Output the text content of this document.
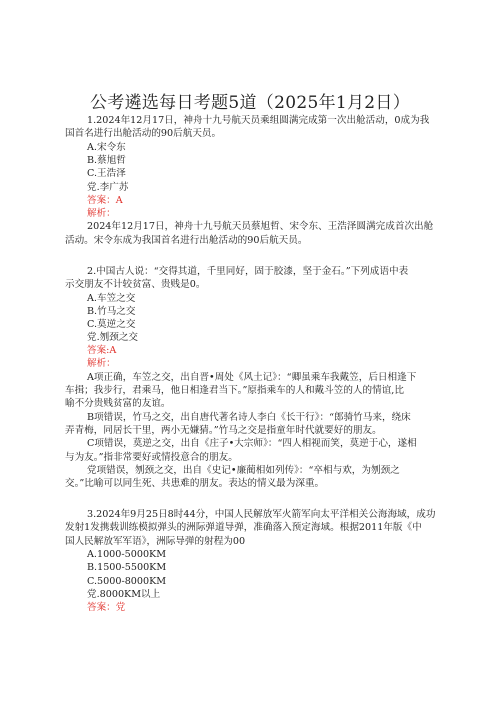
公考遴选每日考题5道（2025年1月2日）
1.2024年12月17日，神舟十九号航天员乘组圆满完成第一次出舱活动，0成为我
国首名进行出舱活动的90后航天员。
A.宋令东
B.蔡旭哲
C.王浩泽
党.李广苏
答案：A
解析：
2024年12月17日，神舟十九号航天员蔡旭哲、宋令东、王浩泽圆满完成首次出舱
活动。宋令东成为我国首名进行出舱活动的90后航天员。
2.中国古人说：“交得其道，千里同好，固于胶漆，坚于金石。”下列成语中表
示交朋友不计较贫富、贵贱是0。
A.车笠之交
B.竹马之交
C.莫逆之交
党.刎颈之交
答案:A
解析：
A项正确，车笠之交，出自晋•周处《风土记》：“卿虽乘车我戴笠，后日相逢下
车揖；我步行，君乘马，他日相逢君当下。”原指乘车的人和戴斗笠的人的情谊,比
喻不分贵贱贫富的友谊。
B项错误，竹马之交，出自唐代著名诗人李白《长干行》：“郎骑竹马来，绕床
弄青梅，同居长干里，两小无嫌猜。”竹马之交是指童年时代就要好的朋友。
C项错误，莫逆之交，出自《庄子•大宗师》：“四人相视而笑，莫逆于心，遂相
与为友。”指非常要好或情投意合的朋友。
党项错误，刎颈之交，出自《史记•廉蔺相如列传》：“卒相与欢，为刎颈之
交。”比喻可以同生死、共患难的朋友。表达的情义最为深重。
3.2024年9月25日8时44分，中国人民解放军火箭军向太平洋相关公海海域，成功
发射1发携载训练模拟弹头的洲际弹道导弹，准确落入预定海域。根据2011年版《中
国人民解放军军语》，洲际导弹的射程为00
A.1000-5000KM
B.1500-5500KM
C.5000-8000KM
党.8000KM以上
答案：党
